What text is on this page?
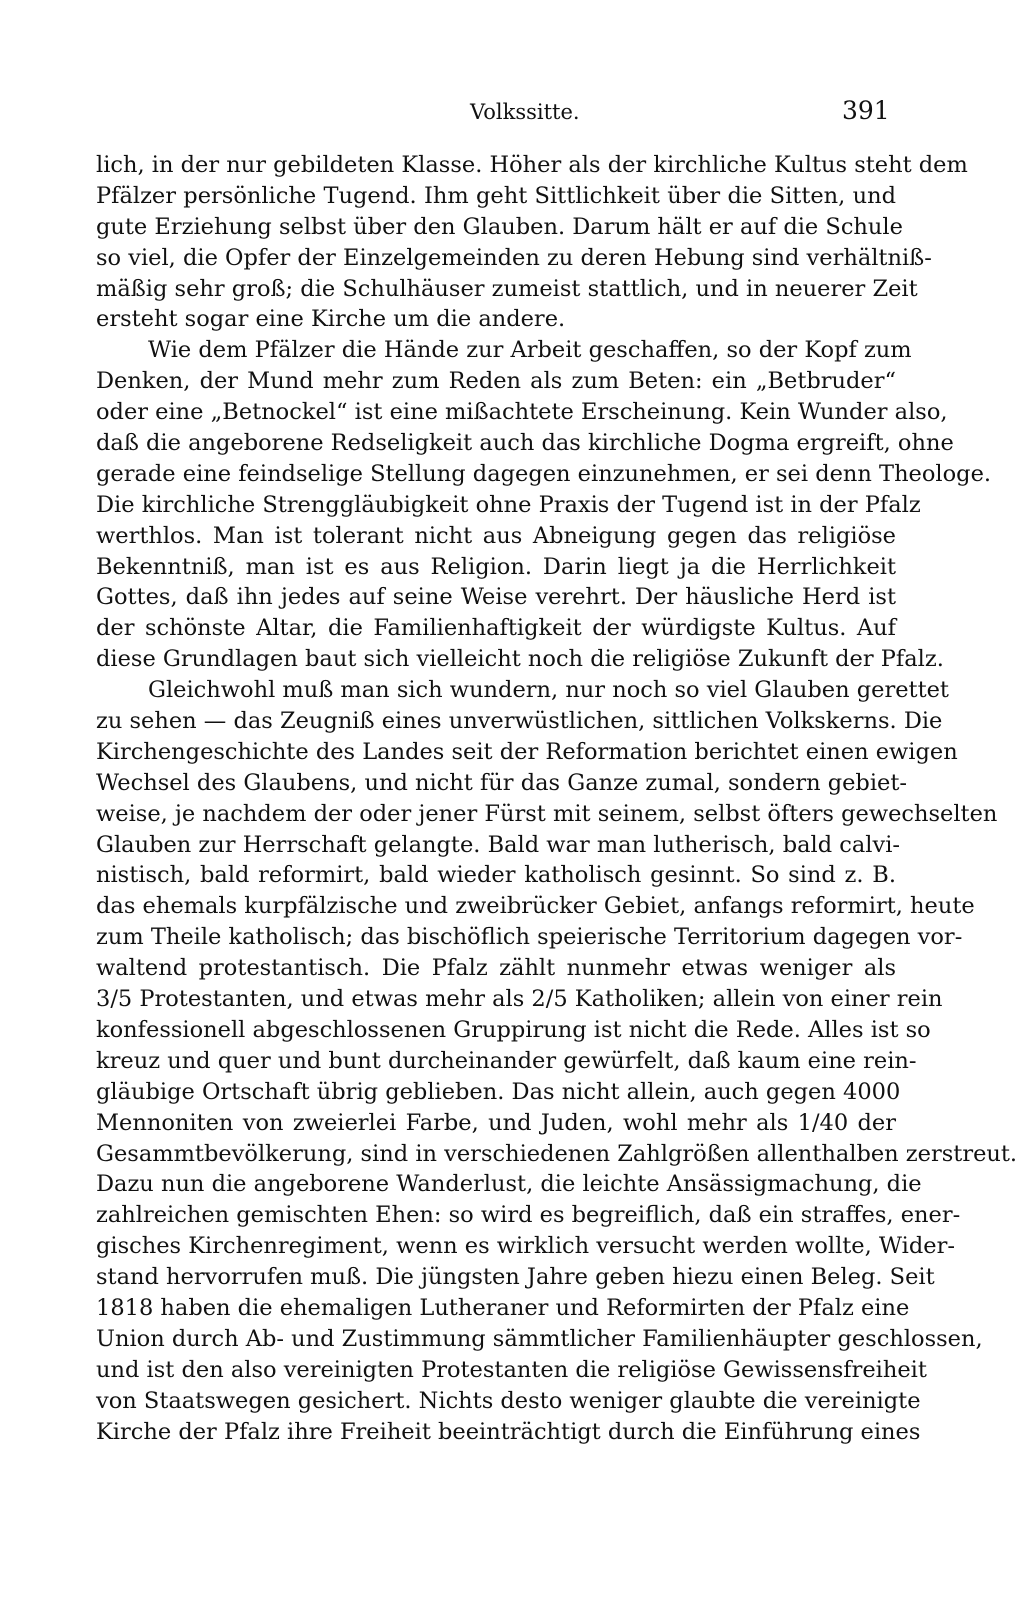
Volkssitte.	391
lich, in der nur gebildeten Klasse. Höher als der kirchliche Kultus steht dem
Pfälzer persönliche Tugend. Ihm geht Sittlichkeit über die Sitten, und
gute Erziehung selbst über den Glauben. Darum hält er auf die Schule
so viel, die Opfer der Einzelgemeinden zu deren Hebung sind verhältniß-
mäßig sehr groß; die Schulhäuser zumeist stattlich, und in neuerer Zeit
ersteht sogar eine Kirche um die andere.
Wie dem Pfälzer die Hände zur Arbeit geschaffen, so der Kopf zum
Denken, der Mund mehr zum Reden als zum Beten: ein „Betbruder“
oder eine „Betnockel“ ist eine mißachtete Erscheinung. Kein Wunder also,
daß die angeborene Redseligkeit auch das kirchliche Dogma ergreift, ohne
gerade eine feindselige Stellung dagegen einzunehmen, er sei denn Theologe.
Die kirchliche Strenggläubigkeit ohne Praxis der Tugend ist in der Pfalz
werthlos. Man ist tolerant nicht aus Abneigung gegen das religiöse
Bekenntniß, man ist es aus Religion. Darin liegt ja die Herrlichkeit
Gottes, daß ihn jedes auf seine Weise verehrt. Der häusliche Herd ist
der schönste Altar, die Familienhaftigkeit der würdigste Kultus. Auf
diese Grundlagen baut sich vielleicht noch die religiöse Zukunft der Pfalz.
Gleichwohl muß man sich wundern, nur noch so viel Glauben gerettet
zu sehen — das Zeugniß eines unverwüstlichen, sittlichen Volkskerns. Die
Kirchengeschichte des Landes seit der Reformation berichtet einen ewigen
Wechsel des Glaubens, und nicht für das Ganze zumal, sondern gebiet-
weise, je nachdem der oder jener Fürst mit seinem, selbst öfters gewechselten
Glauben zur Herrschaft gelangte. Bald war man lutherisch, bald calvi-
nistisch, bald reformirt, bald wieder katholisch gesinnt. So sind z. B.
das ehemals kurpfälzische und zweibrücker Gebiet, anfangs reformirt, heute
zum Theile katholisch; das bischöflich speierische Territorium dagegen vor-
waltend protestantisch. Die Pfalz zählt nunmehr etwas weniger als
3/5 Protestanten, und etwas mehr als 2/5 Katholiken; allein von einer rein
konfessionell abgeschlossenen Gruppirung ist nicht die Rede. Alles ist so
kreuz und quer und bunt durcheinander gewürfelt, daß kaum eine rein-
gläubige Ortschaft übrig geblieben. Das nicht allein, auch gegen 4000
Mennoniten von zweierlei Farbe, und Juden, wohl mehr als 1/40 der
Gesammtbevölkerung, sind in verschiedenen Zahlgrößen allenthalben zerstreut.
Dazu nun die angeborene Wanderlust, die leichte Ansässigmachung, die
zahlreichen gemischten Ehen: so wird es begreiflich, daß ein straffes, ener-
gisches Kirchenregiment, wenn es wirklich versucht werden wollte, Wider-
stand hervorrufen muß. Die jüngsten Jahre geben hiezu einen Beleg. Seit
1818 haben die ehemaligen Lutheraner und Reformirten der Pfalz eine
Union durch Ab- und Zustimmung sämmtlicher Familienhäupter geschlossen,
und ist den also vereinigten Protestanten die religiöse Gewissensfreiheit
von Staatswegen gesichert. Nichts desto weniger glaubte die vereinigte
Kirche der Pfalz ihre Freiheit beeinträchtigt durch die Einführung eines
